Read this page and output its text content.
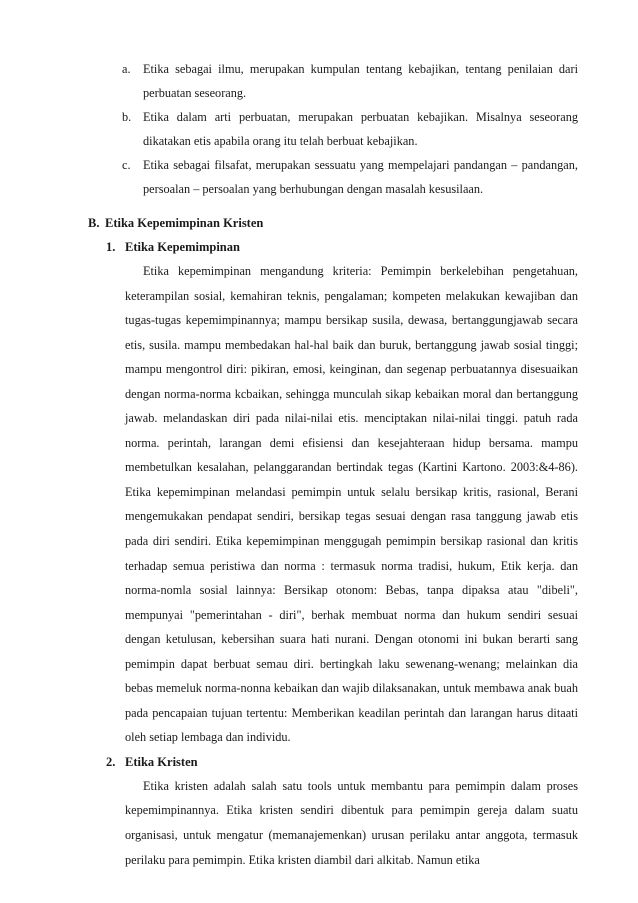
a. Etika sebagai ilmu, merupakan kumpulan tentang kebajikan, tentang penilaian dari perbuatan seseorang.
b. Etika dalam arti perbuatan, merupakan perbuatan kebajikan. Misalnya seseorang dikatakan etis apabila orang itu telah berbuat kebajikan.
c. Etika sebagai filsafat, merupakan sessuatu yang mempelajari pandangan – pandangan, persoalan – persoalan yang berhubungan dengan masalah kesusilaan.
B. Etika Kepemimpinan Kristen
1. Etika Kepemimpinan
Etika kepemimpinan mengandung kriteria: Pemimpin berkelebihan pengetahuan, keterampilan sosial, kemahiran teknis, pengalaman; kompeten melakukan kewajiban dan tugas-tugas kepemimpinannya; mampu bersikap susila, dewasa, bertanggungjawab secara etis, susila. mampu membedakan hal-hal baik dan buruk, bertanggung jawab sosial tinggi; mampu mengontrol diri: pikiran, emosi, keinginan, dan segenap perbuatannya disesuaikan dengan norma-norma kcbaikan, sehingga munculah sikap kebaikan moral dan bertanggung jawab. melandaskan diri pada nilai-nilai etis. menciptakan nilai-nilai tinggi. patuh rada norma. perintah, larangan demi efisiensi dan kesejahteraan hidup bersama. mampu membetulkan kesalahan, pelanggarandan bertindak tegas (Kartini Kartono. 2003:&4-86). Etika kepemimpinan melandasi pemimpin untuk selalu bersikap kritis, rasional, Berani mengemukakan pendapat sendiri, bersikap tegas sesuai dengan rasa tanggung jawab etis pada diri sendiri. Etika kepemimpinan menggugah pemimpin bersikap rasional dan kritis terhadap semua peristiwa dan norma : termasuk norma tradisi, hukum, Etik kerja. dan norma-nomla sosial lainnya: Bersikap otonom: Bebas, tanpa dipaksa atau "dibeli", mempunyai "pemerintahan - diri", berhak membuat norma dan hukum sendiri sesuai dengan ketulusan, kebersihan suara hati nurani. Dengan otonomi ini bukan berarti sang pemimpin dapat berbuat semau diri. bertingkah laku sewenang-wenang; melainkan dia bebas memeluk norma-nonna kebaikan dan wajib dilaksanakan, untuk membawa anak buah pada pencapaian tujuan tertentu: Memberikan keadilan perintah dan larangan harus ditaati oleh setiap lembaga dan individu.
2. Etika Kristen
Etika kristen adalah salah satu tools untuk membantu para pemimpin dalam proses kepemimpinannya. Etika kristen sendiri dibentuk para pemimpin gereja dalam suatu organisasi, untuk mengatur (memanajemenkan) urusan perilaku antar anggota, termasuk perilaku para pemimpin. Etika kristen diambil dari alkitab. Namun etika
